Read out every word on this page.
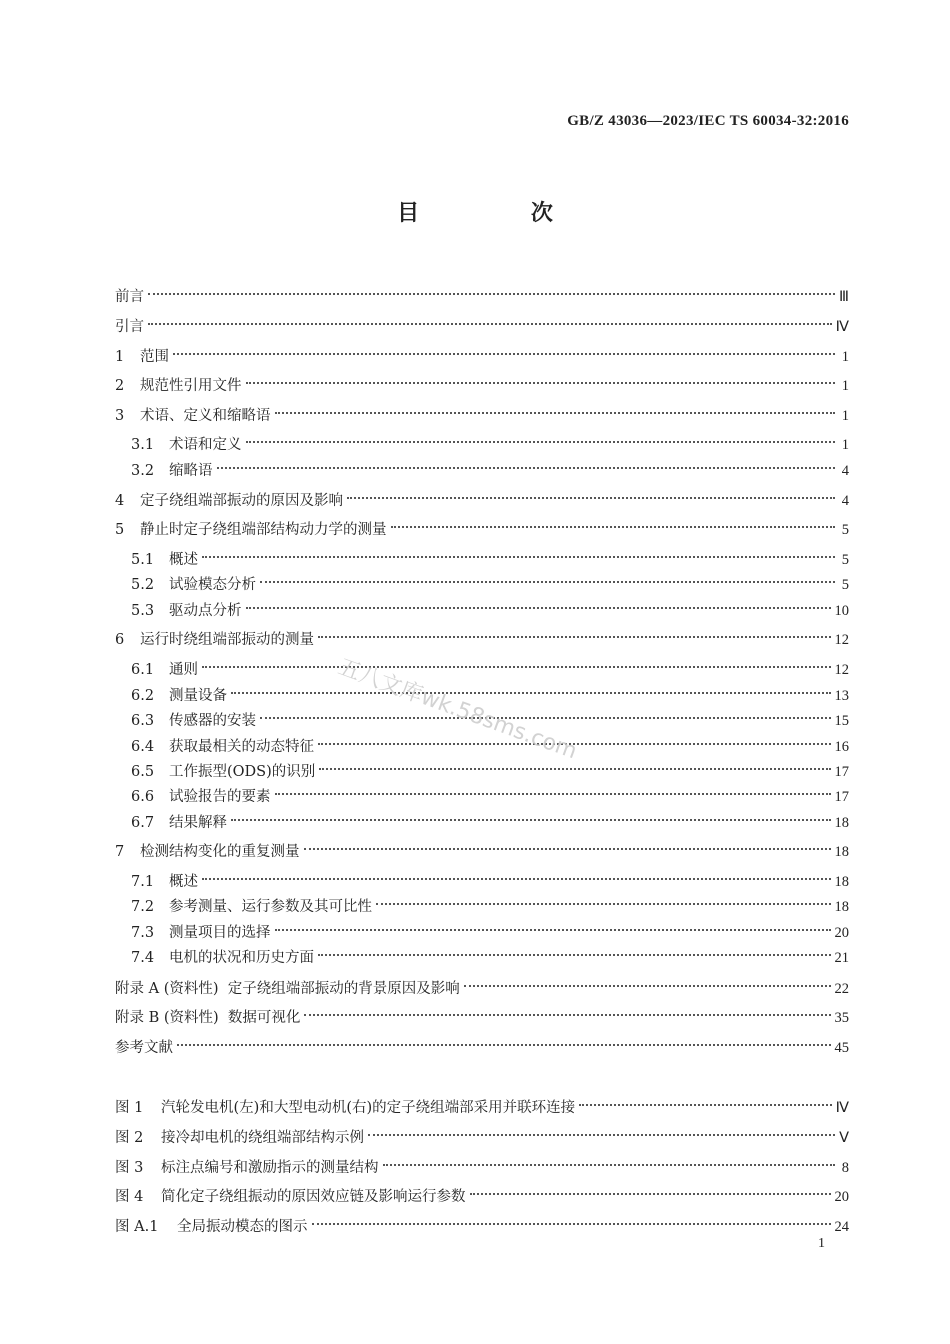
GB/Z 43036—2023/IEC TS 60034-32:2016
目 次
前言	Ⅲ
引言	Ⅳ
1	范围	1
2	规范性引用文件	1
3	术语、定义和缩略语	1
3.1	术语和定义	1
3.2	缩略语	4
4	定子绕组端部振动的原因及影响	4
5	静止时定子绕组端部结构动力学的测量	5
5.1	概述	5
5.2	试验模态分析	5
5.3	驱动点分析	10
6	运行时绕组端部振动的测量	12
6.1	通则	12
6.2	测量设备	13
6.3	传感器的安装	15
6.4	获取最相关的动态特征	16
6.5	工作振型(ODS)的识别	17
6.6	试验报告的要素	17
6.7	结果解释	18
7	检测结构变化的重复测量	18
7.1	概述	18
7.2	参考测量、运行参数及其可比性	18
7.3	测量项目的选择	20
7.4	电机的状况和历史方面	21
附录 A (资料性)  定子绕组端部振动的背景原因及影响	22
附录 B (资料性)  数据可视化	35
参考文献	45
图 1	汽轮发电机(左)和大型电动机(右)的定子绕组端部采用并联环连接	Ⅳ
图 2	接冷却电机的绕组端部结构示例	Ⅴ
图 3	标注点编号和激励指示的测量结构	8
图 4	简化定子绕组振动的原因效应链及影响运行参数	20
图 A.1	全局振动模态的图示	24
五八文库wk.58sms.com
1
